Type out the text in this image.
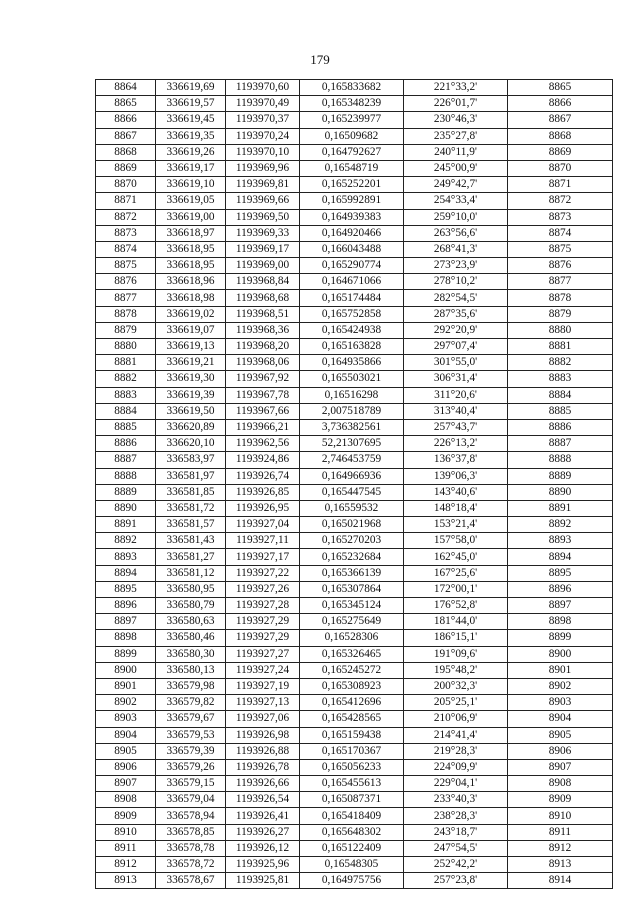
179
8864	336619,69	1193970,60	0,165833682	221°33,2'	8865
8865	336619,57	1193970,49	0,165348239	226°01,7'	8866
8866	336619,45	1193970,37	0,165239977	230°46,3'	8867
8867	336619,35	1193970,24	0,16509682	235°27,8'	8868
8868	336619,26	1193970,10	0,164792627	240°11,9'	8869
8869	336619,17	1193969,96	0,16548719	245°00,9'	8870
8870	336619,10	1193969,81	0,165252201	249°42,7'	8871
8871	336619,05	1193969,66	0,165992891	254°33,4'	8872
8872	336619,00	1193969,50	0,164939383	259°10,0'	8873
8873	336618,97	1193969,33	0,164920466	263°56,6'	8874
8874	336618,95	1193969,17	0,166043488	268°41,3'	8875
8875	336618,95	1193969,00	0,165290774	273°23,9'	8876
8876	336618,96	1193968,84	0,164671066	278°10,2'	8877
8877	336618,98	1193968,68	0,165174484	282°54,5'	8878
8878	336619,02	1193968,51	0,165752858	287°35,6'	8879
8879	336619,07	1193968,36	0,165424938	292°20,9'	8880
8880	336619,13	1193968,20	0,165163828	297°07,4'	8881
8881	336619,21	1193968,06	0,164935866	301°55,0'	8882
8882	336619,30	1193967,92	0,165503021	306°31,4'	8883
8883	336619,39	1193967,78	0,16516298	311°20,6'	8884
8884	336619,50	1193967,66	2,007518789	313°40,4'	8885
8885	336620,89	1193966,21	3,736382561	257°43,7'	8886
8886	336620,10	1193962,56	52,21307695	226°13,2'	8887
8887	336583,97	1193924,86	2,746453759	136°37,8'	8888
8888	336581,97	1193926,74	0,164966936	139°06,3'	8889
8889	336581,85	1193926,85	0,165447545	143°40,6'	8890
8890	336581,72	1193926,95	0,16559532	148°18,4'	8891
8891	336581,57	1193927,04	0,165021968	153°21,4'	8892
8892	336581,43	1193927,11	0,165270203	157°58,0'	8893
8893	336581,27	1193927,17	0,165232684	162°45,0'	8894
8894	336581,12	1193927,22	0,165366139	167°25,6'	8895
8895	336580,95	1193927,26	0,165307864	172°00,1'	8896
8896	336580,79	1193927,28	0,165345124	176°52,8'	8897
8897	336580,63	1193927,29	0,165275649	181°44,0'	8898
8898	336580,46	1193927,29	0,16528306	186°15,1'	8899
8899	336580,30	1193927,27	0,165326465	191°09,6'	8900
8900	336580,13	1193927,24	0,165245272	195°48,2'	8901
8901	336579,98	1193927,19	0,165308923	200°32,3'	8902
8902	336579,82	1193927,13	0,165412696	205°25,1'	8903
8903	336579,67	1193927,06	0,165428565	210°06,9'	8904
8904	336579,53	1193926,98	0,165159438	214°41,4'	8905
8905	336579,39	1193926,88	0,165170367	219°28,3'	8906
8906	336579,26	1193926,78	0,165056233	224°09,9'	8907
8907	336579,15	1193926,66	0,165455613	229°04,1'	8908
8908	336579,04	1193926,54	0,165087371	233°40,3'	8909
8909	336578,94	1193926,41	0,165418409	238°28,3'	8910
8910	336578,85	1193926,27	0,165648302	243°18,7'	8911
8911	336578,78	1193926,12	0,165122409	247°54,5'	8912
8912	336578,72	1193925,96	0,16548305	252°42,2'	8913
8913	336578,67	1193925,81	0,164975756	257°23,8'	8914
